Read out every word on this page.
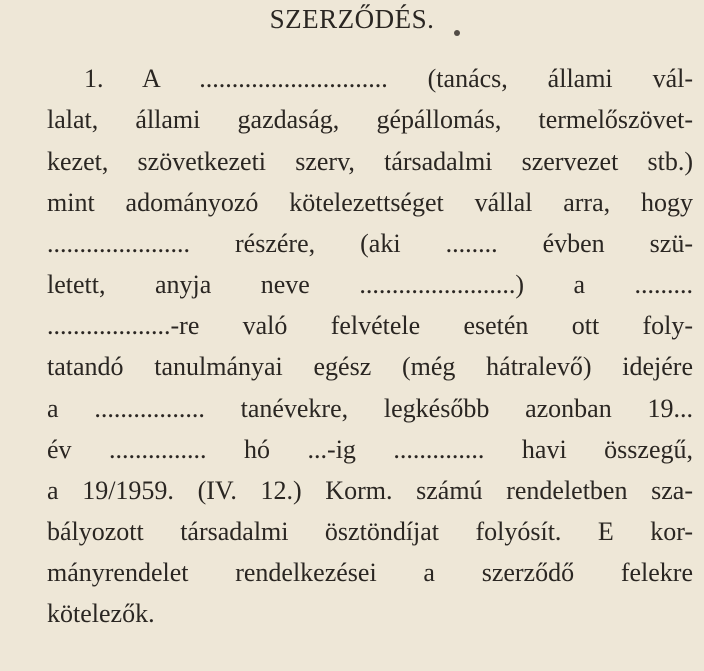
SZERZŐDÉS.
1. A ............................. (tanács, állami vál-
lalat, állami gazdaság, gépállomás, termelőszövet-
kezet, szövetkezeti szerv, társadalmi szervezet stb.)
mint adományozó kötelezettséget vállal arra, hogy
...................... részére, (aki ........ évben szü-
letett, anyja neve ........................) a .........
...................-re való felvétele esetén ott foly-
tatandó tanulmányai egész (még hátralevő) idejére
a ................. tanévekre, legkésőbb azonban 19...
év ............... hó ...-ig .............. havi összegű,
a 19/1959. (IV. 12.) Korm. számú rendeletben sza-
bályozott társadalmi ösztöndíjat folyósít. E kor-
mányrendelet rendelkezései a szerződő felekre
kötelezők.
